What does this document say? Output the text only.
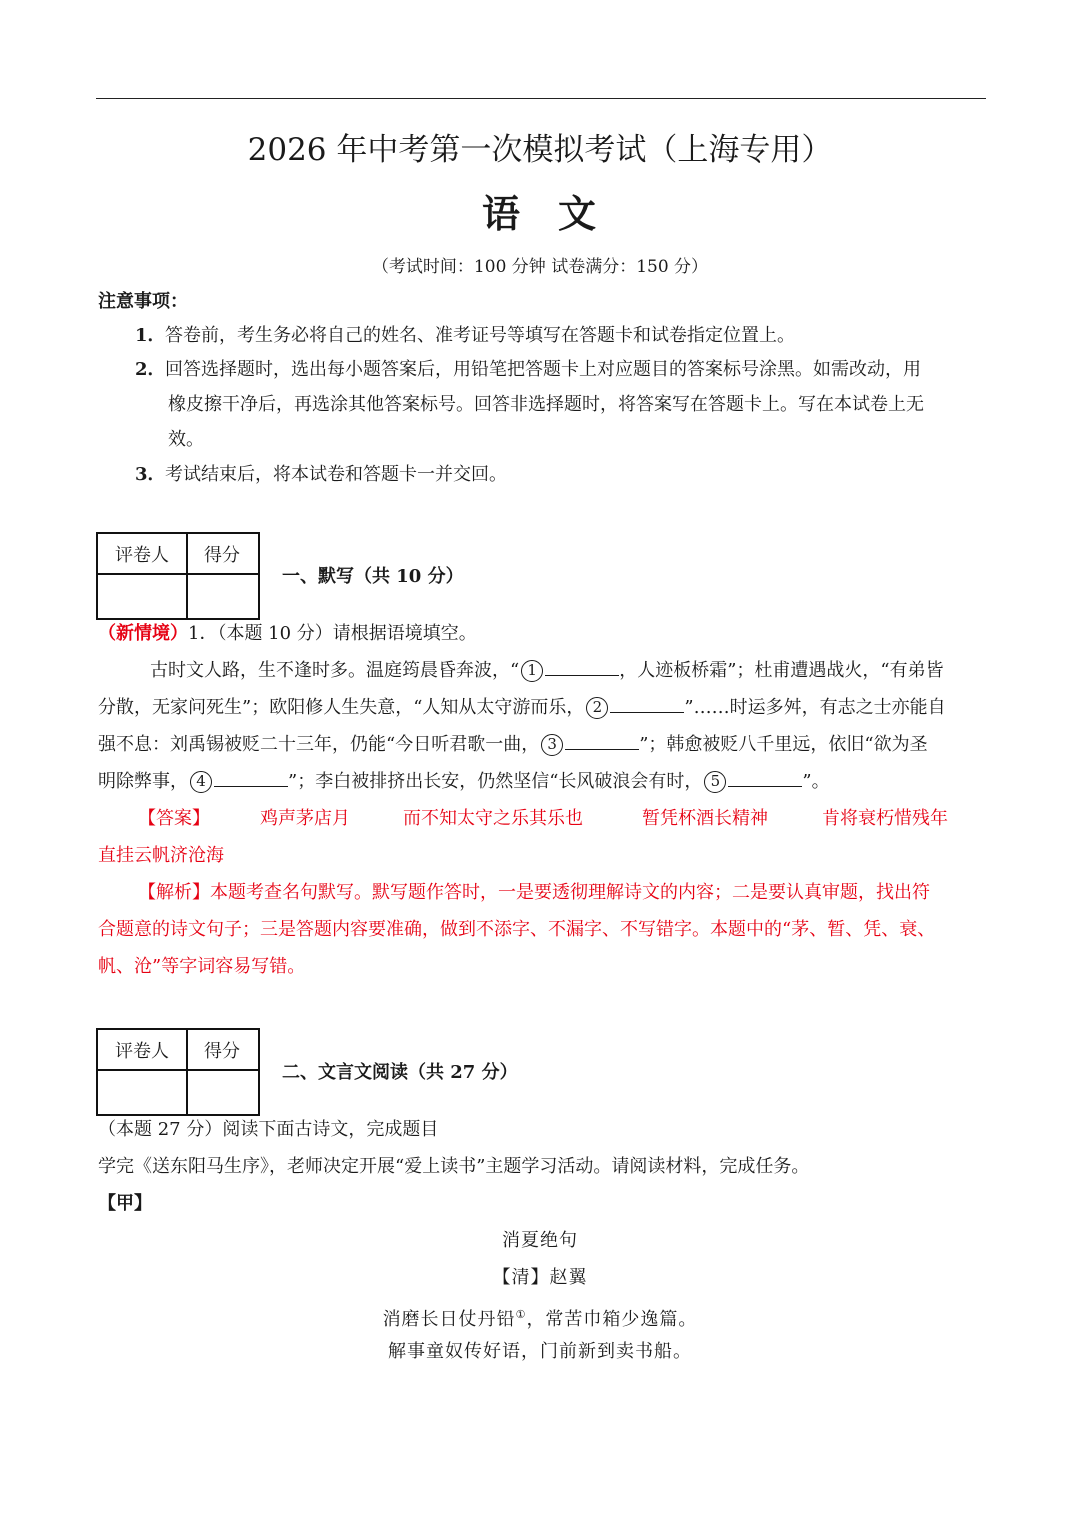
2026 年中考第一次模拟考试（上海专用）
语 文
（考试时间：100 分钟 试卷满分：150 分）
注意事项：
1．答卷前，考生务必将自己的姓名、准考证号等填写在答题卡和试卷指定位置上。
2．回答选择题时，选出每小题答案后，用铅笔把答题卡上对应题目的答案标号涂黑。如需改动，用
橡皮擦干净后，再选涂其他答案标号。回答非选择题时，将答案写在答题卡上。写在本试卷上无
效。
3．考试结束后，将本试卷和答题卡一并交回。
评卷人	得分
一、默写（共 10 分）
（新情境）1．（本题 10 分）请根据语境填空。
古时文人路，生不逢时多。温庭筠晨昏奔波，“ 1	，人迹板桥霜”；杜甫遭遇战火，“有弟皆
分散，无家问死生”；欧阳修人生失意，“人知从太守游而乐， 2	”……时运多舛，有志之士亦能自
强不息：刘禹锡被贬二十三年，仍能“今日听君歌一曲， 3	”；韩愈被贬八千里远，依旧“欲为圣
明除弊事， 4	”；李白被排挤出长安，仍然坚信“长风破浪会有时， 5	”。
【答案】	鸡声茅店月	而不知太守之乐其乐也	暂凭杯酒长精神	肯将衰朽惜残年
直挂云帆济沧海
【解析】本题考查名句默写。默写题作答时，一是要透彻理解诗文的内容；二是要认真审题，找出符
合题意的诗文句子；三是答题内容要准确，做到不添字、不漏字、不写错字。本题中的“茅、暂、凭、衰、
帆、沧”等字词容易写错。
评卷人	得分
二、文言文阅读（共 27 分）
（本题 27 分）阅读下面古诗文，完成题目
学完《送东阳马生序》，老师决定开展“爱上读书”主题学习活动。请阅读材料，完成任务。
【甲】
消夏绝句
【清】赵翼
消磨长日仗丹铅①，常苦巾箱少逸篇。
解事童奴传好语，门前新到卖书船。
